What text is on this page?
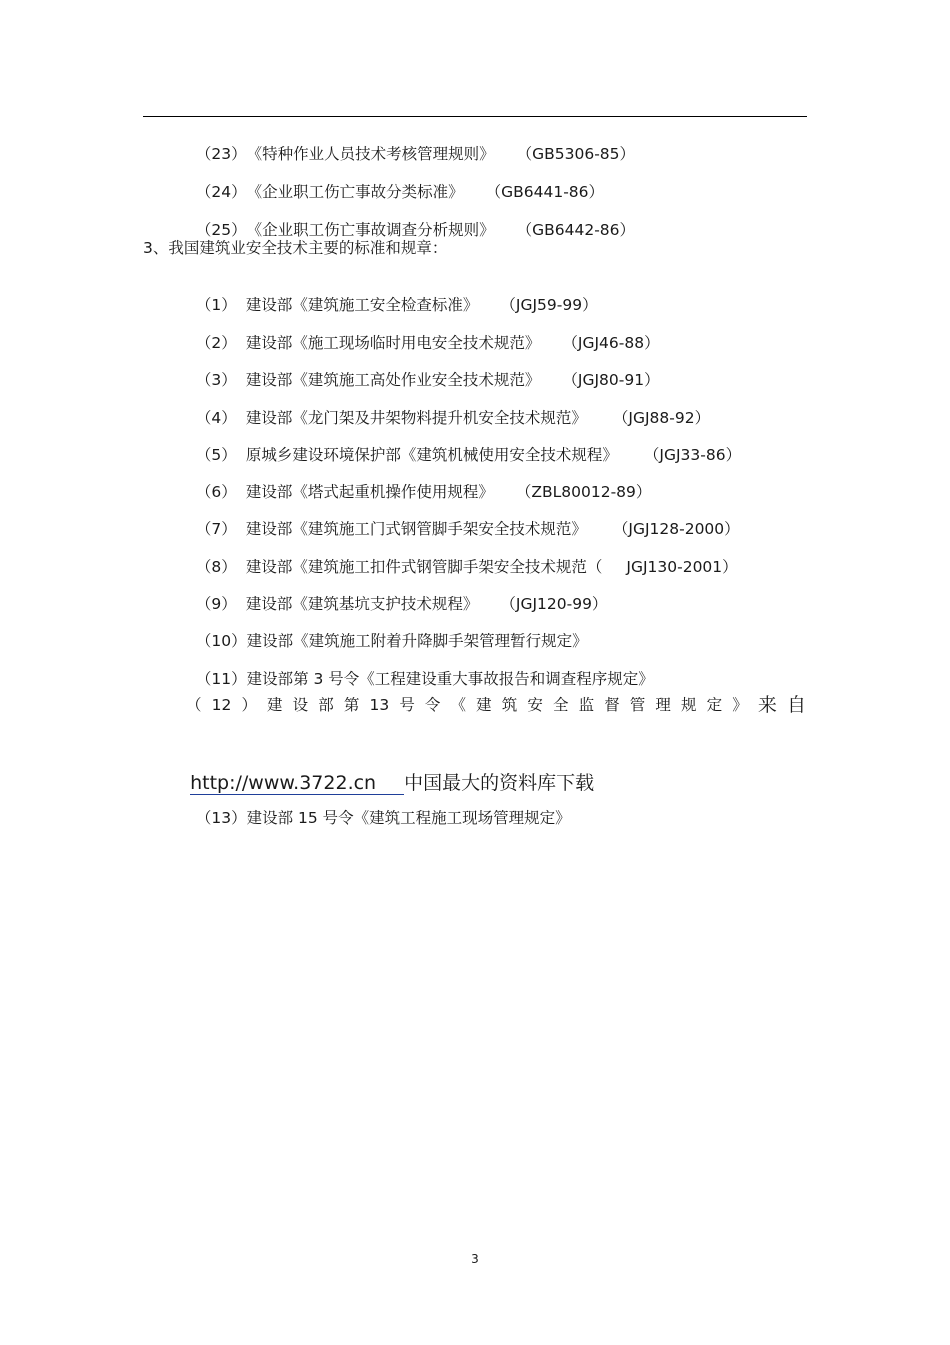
（23）《特种作业人员技术考核管理规则》 （GB5306-85）

（24）《企业职工伤亡事故分类标准》 （GB6441-86）

（25）《企业职工伤亡事故调查分析规则》 （GB6442-86）

3、我国建筑业安全技术主要的标准和规章：

（1） 建设部《建筑施工安全检查标准》 （JGJ59-99）

（2） 建设部《施工现场临时用电安全技术规范》 （JGJ46-88）

（3） 建设部《建筑施工高处作业安全技术规范》 （JGJ80-91）

（4） 建设部《龙门架及井架物料提升机安全技术规范》 （JGJ88-92）

（5） 原城乡建设环境保护部《建筑机械使用安全技术规程》 （JGJ33-86）

（6） 建设部《塔式起重机操作使用规程》 （ZBL80012-89）

（7） 建设部《建筑施工门式钢管脚手架安全技术规范》 （JGJ128-2000）

（8） 建设部《建筑施工扣件式钢管脚手架安全技术规范（ JGJ130-2001）

（9） 建设部《建筑基坑支护技术规程》 （JGJ120-99）

（10）建设部《建筑施工附着升降脚手架管理暂行规定》

（11）建设部第 3 号令《工程建设重大事故报告和调查程序规定》

（ 12 ） 建 设 部 第 13 号 令 《 建 筑 安 全 监 督 管 理 规 定 》 来 自

http://www.3722.cn 中国最大的资料库下载

（13）建设部 15 号令《建筑工程施工现场管理规定》

3
